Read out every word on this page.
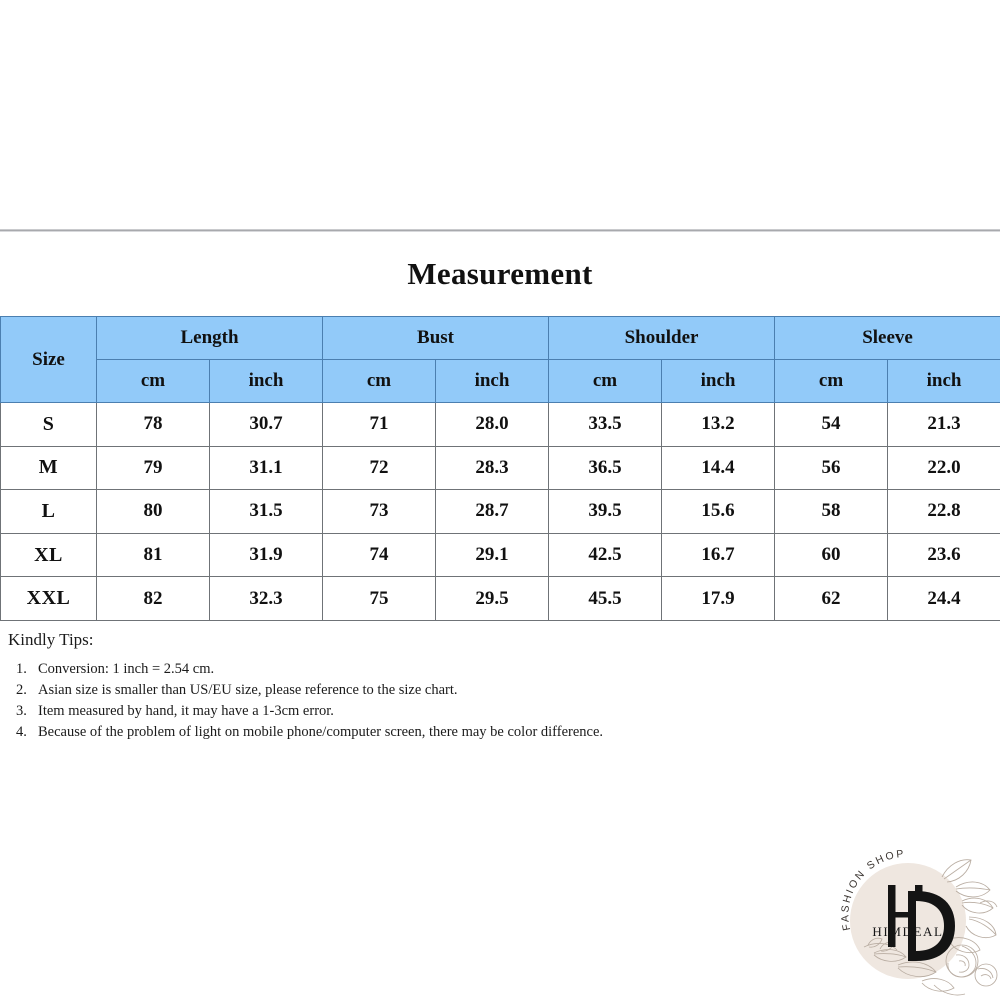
Measurement
Size	Length		Bust		Shoulder		Sleeve	
	cm	inch	cm	inch	cm	inch	cm	inch
S	78	30.7	71	28.0	33.5	13.2	54	21.3
M	79	31.1	72	28.3	36.5	14.4	56	22.0
L	80	31.5	73	28.7	39.5	15.6	58	22.8
XL	81	31.9	74	29.1	42.5	16.7	60	23.6
XXL	82	32.3	75	29.5	45.5	17.9	62	24.4
Kindly Tips:
1. Conversion: 1 inch = 2.54 cm.
2. Asian size is smaller than US/EU size, please reference to the size chart.
3. Item measured by hand, it may have a 1-3cm error.
4. Because of the problem of light on mobile phone/computer screen, there may be color difference.
FASHION SHOP
HIMDEAL
